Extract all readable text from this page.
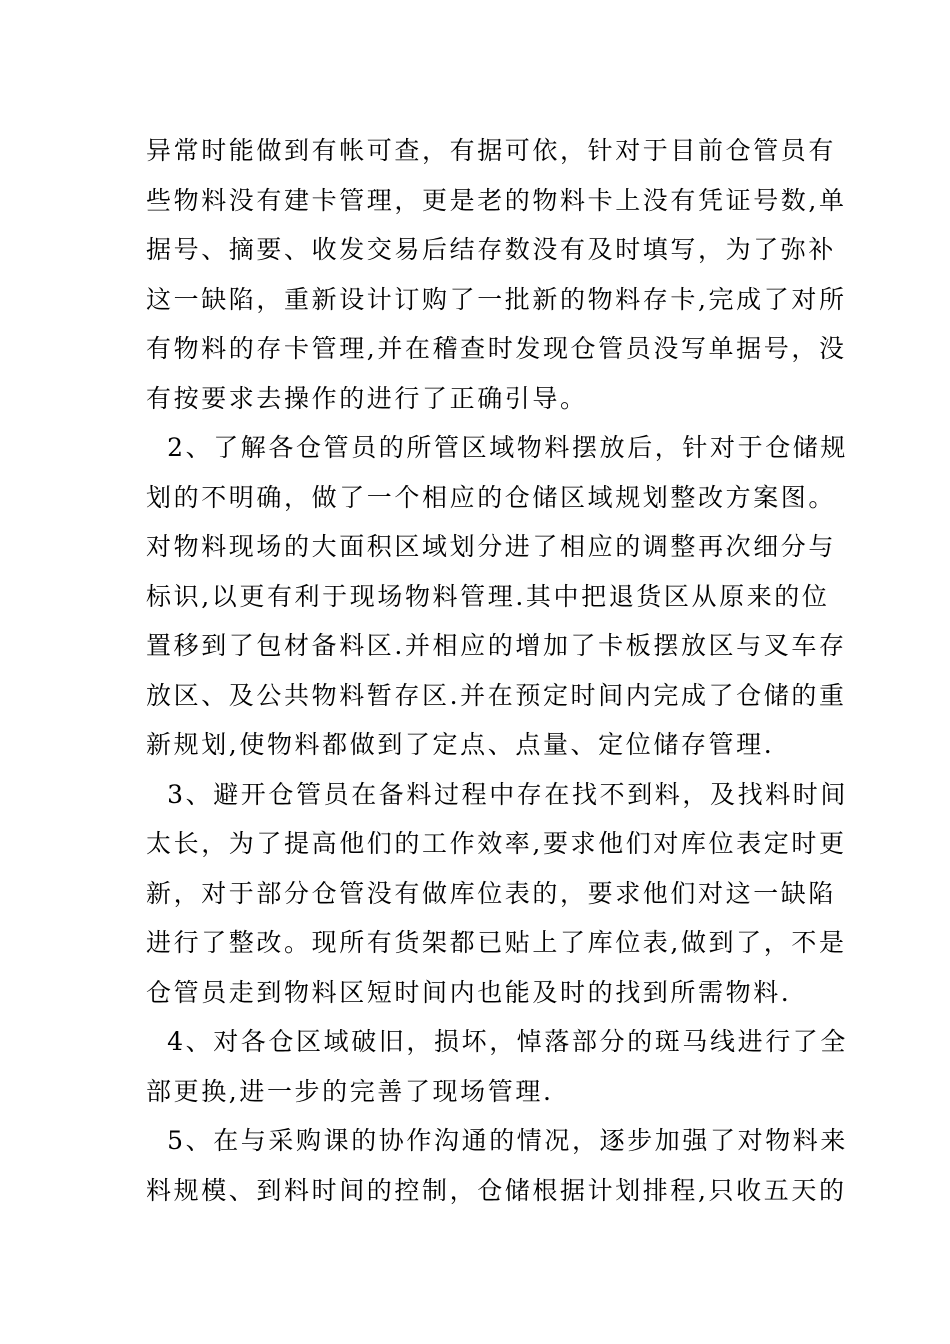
异常时能做到有帐可查，有据可依，针对于目前仓管员有
些物料没有建卡管理，更是老的物料卡上没有凭证号数,单
据号、摘要、收发交易后结存数没有及时填写，为了弥补
这一缺陷，重新设计订购了一批新的物料存卡,完成了对所
有物料的存卡管理,并在稽查时发现仓管员没写单据号，没
有按要求去操作的进行了正确引导。
2、了解各仓管员的所管区域物料摆放后，针对于仓储规
划的不明确，做了一个相应的仓储区域规划整改方案图。
对物料现场的大面积区域划分进了相应的调整再次细分与
标识,以更有利于现场物料管理.其中把退货区从原来的位
置移到了包材备料区.并相应的增加了卡板摆放区与叉车存
放区、及公共物料暂存区.并在预定时间内完成了仓储的重
新规划,使物料都做到了定点、点量、定位储存管理.
3、避开仓管员在备料过程中存在找不到料，及找料时间
太长，为了提高他们的工作效率,要求他们对库位表定时更
新，对于部分仓管没有做库位表的，要求他们对这一缺陷
进行了整改。现所有货架都已贴上了库位表,做到了，不是
仓管员走到物料区短时间内也能及时的找到所需物料.
4、对各仓区域破旧，损坏，悼落部分的斑马线进行了全
部更换,进一步的完善了现场管理.
5、在与采购课的协作沟通的情况，逐步加强了对物料来
料规模、到料时间的控制，仓储根据计划排程,只收五天的
